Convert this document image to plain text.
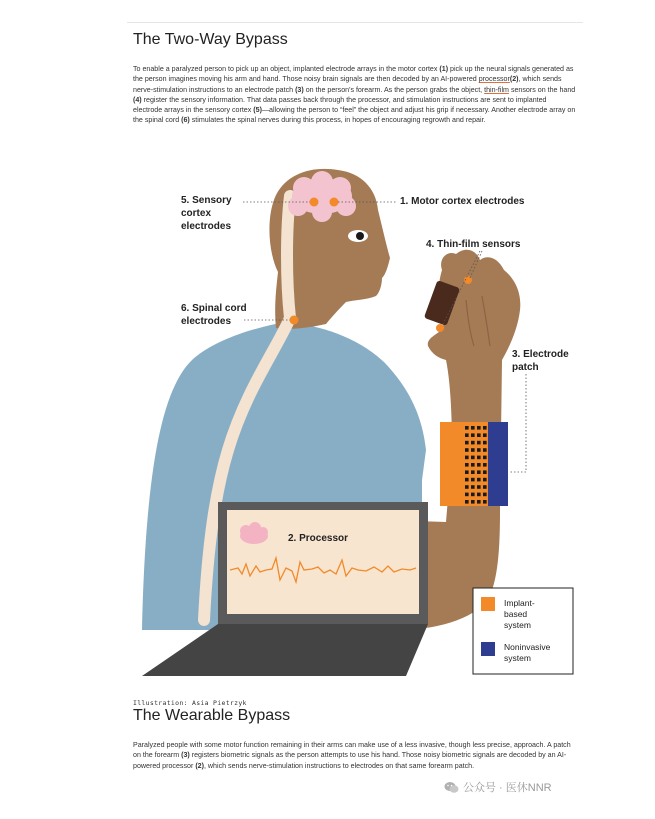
The Two-Way Bypass

To enable a paralyzed person to pick up an object, implanted electrode arrays in the motor cortex (1) pick up the neural signals generated as the person imagines moving his arm and hand. Those noisy brain signals are then decoded by an AI-powered processor(2), which sends nerve-stimulation instructions to an electrode patch (3) on the person's forearm. As the person grabs the object, thin-film sensors on the hand (4) register the sensory information. That data passes back through the processor, and stimulation instructions are sent to implanted electrode arrays in the sensory cortex (5)—allowing the person to “feel” the object and adjust his grip if necessary. Another electrode array on the spinal cord (6) stimulates the spinal nerves during this process, in hopes of encouraging regrowth and repair.

2. Processor
5. Sensory
cortex
electrodes
1. Motor cortex electrodes
4. Thin-film sensors
6. Spinal cord
electrodes
3. Electrode
patch
Implant-
based
system
Noninvasive
system
Illustration: Asia Pietrzyk
The Wearable Bypass

Paralyzed people with some motor function remaining in their arms can make use of a less invasive, though less precise, approach. A patch on the forearm (3) registers biometric signals as the person attempts to use his hand. Those noisy biometric signals are decoded by an AI-powered processor (2), which sends nerve-stimulation instructions to electrodes on that same forearm patch.

公众号 · 医休NNR
